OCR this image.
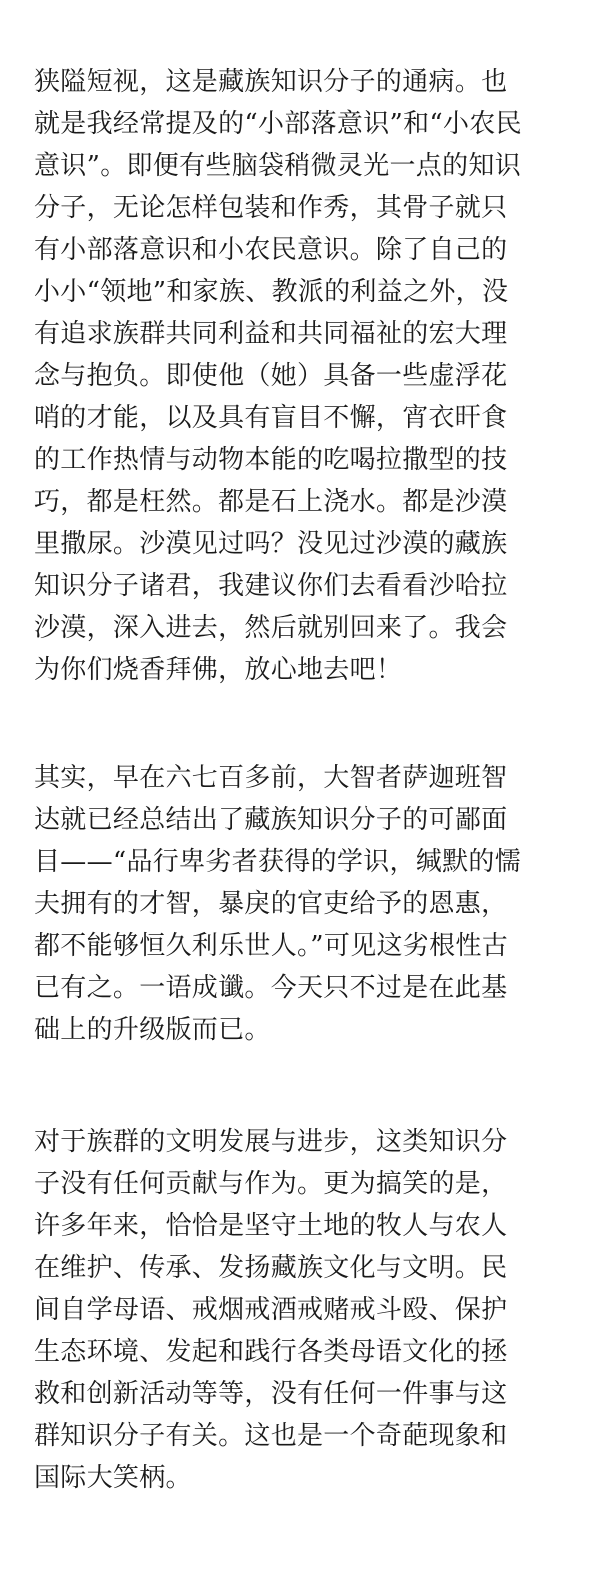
狭隘短视，这是藏族知识分子的通病。也
就是我经常提及的“小部落意识”和“小农民
意识”。即便有些脑袋稍微灵光一点的知识
分子，无论怎样包装和作秀，其骨子就只
有小部落意识和小农民意识。除了自己的
小小“领地”和家族、教派的利益之外，没
有追求族群共同利益和共同福祉的宏大理
念与抱负。即使他（她）具备一些虚浮花
哨的才能，以及具有盲目不懈，宵衣旰食
的工作热情与动物本能的吃喝拉撒型的技
巧，都是枉然。都是石上浇水。都是沙漠
里撒尿。沙漠见过吗？没见过沙漠的藏族
知识分子诸君，我建议你们去看看沙哈拉
沙漠，深入进去，然后就别回来了。我会
为你们烧香拜佛，放心地去吧！

其实，早在六七百多前，大智者萨迦班智
达就已经总结出了藏族知识分子的可鄙面
目——“品行卑劣者获得的学识，缄默的懦
夫拥有的才智，暴戾的官吏给予的恩惠，
都不能够恒久利乐世人。”可见这劣根性古
已有之。一语成谶。今天只不过是在此基
础上的升级版而已。

对于族群的文明发展与进步，这类知识分
子没有任何贡献与作为。更为搞笑的是，
许多年来，恰恰是坚守土地的牧人与农人
在维护、传承、发扬藏族文化与文明。民
间自学母语、戒烟戒酒戒赌戒斗殴、保护
生态环境、发起和践行各类母语文化的拯
救和创新活动等等，没有任何一件事与这
群知识分子有关。这也是一个奇葩现象和
国际大笑柄。
